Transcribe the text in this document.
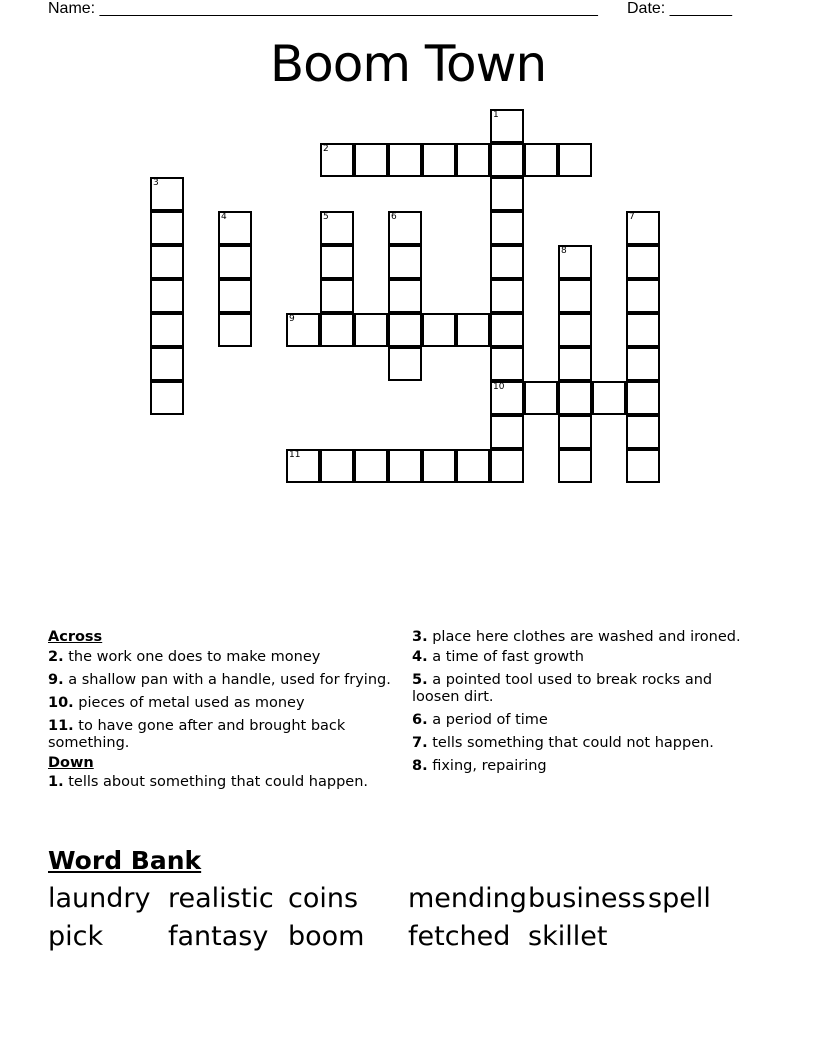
Name: ________________________________________________________ Date: _______
Boom Town
1
10
2
3
4	5	6	7
8
9
11
Across
2. the work one does to make money
9. a shallow pan with a handle, used for frying.
10. pieces of metal used as money
11. to have gone after and brought back something.
Down
1. tells about something that could happen.
3. place here clothes are washed and ironed.
4. a time of fast growth
5. a pointed tool used to break rocks and loosen dirt.
6. a period of time
7. tells something that could not happen.
8. fixing, repairing
Word Bank
laundry realistic coins mending business spell
pick fantasy boom fetched skillet
